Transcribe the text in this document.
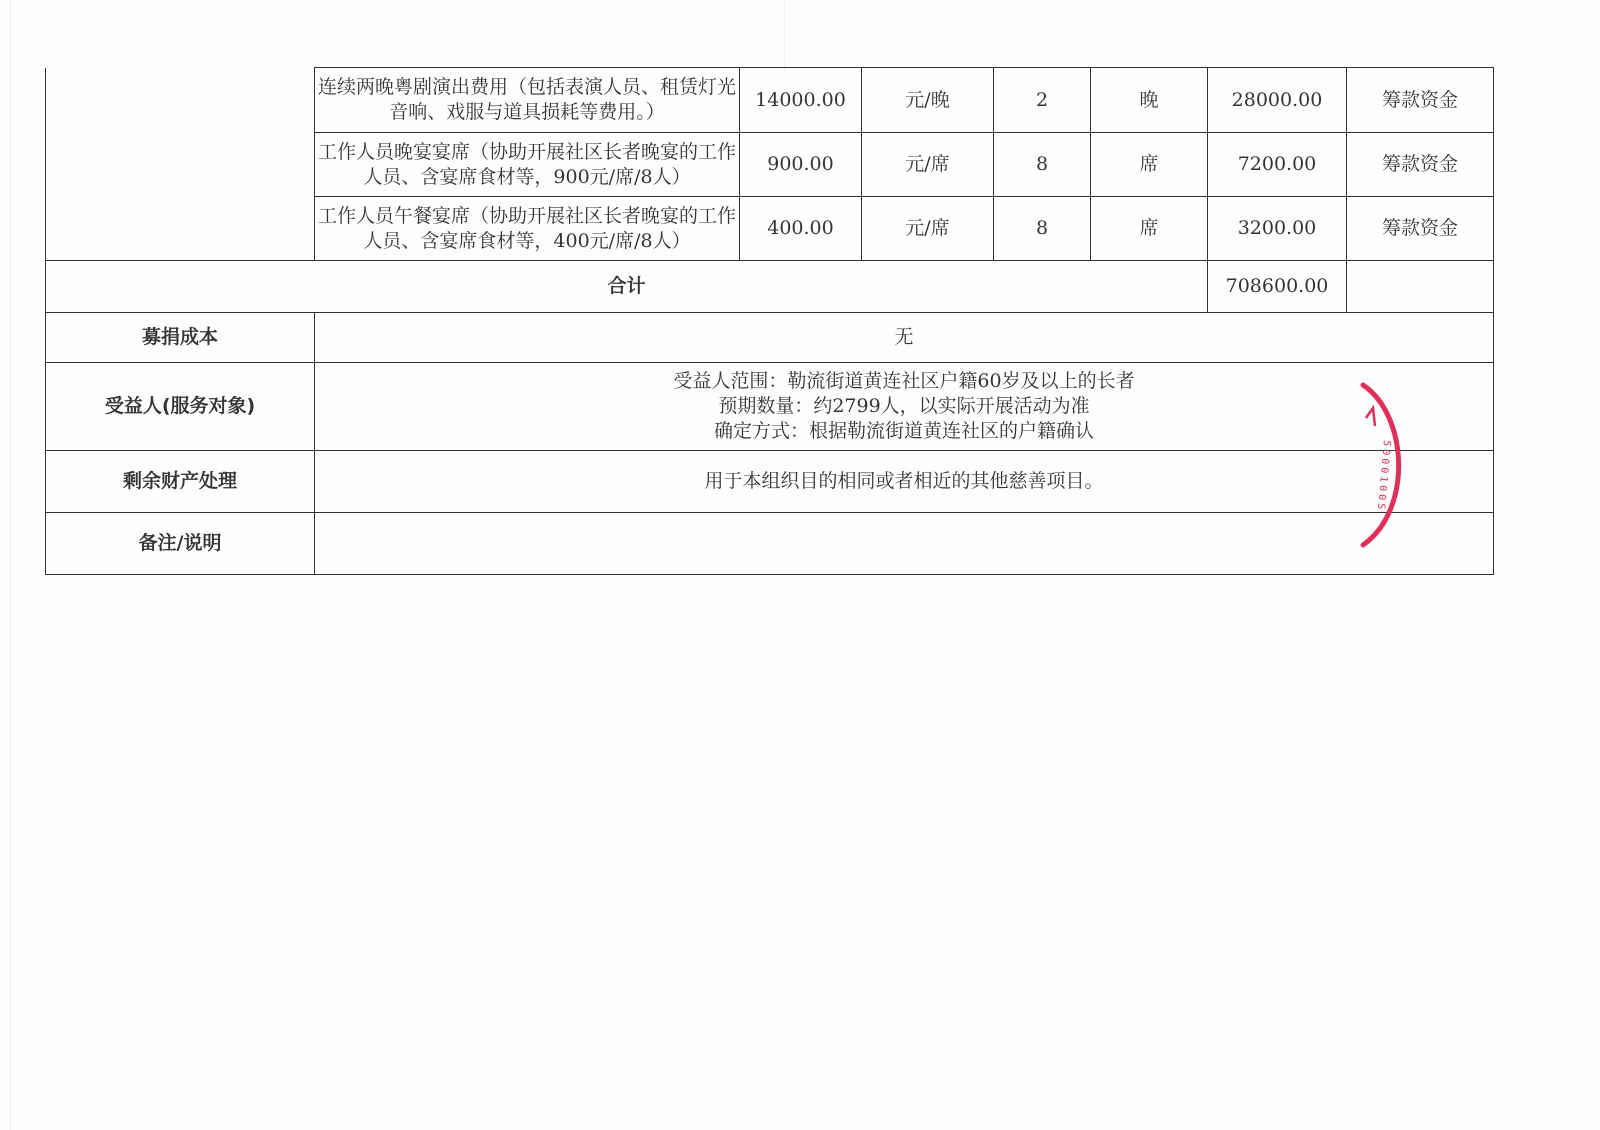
	连续两晚粤剧演出费用（包括表演人员、租赁灯光音响、戏服与道具损耗等费用。）	14000.00	元/晚	2	晚	28000.00	筹款资金
	工作人员晚宴宴席（协助开展社区长者晚宴的工作人员、含宴席食材等，900元/席/8人）	900.00	元/席	8	席	7200.00	筹款资金
	工作人员午餐宴席（协助开展社区长者晚宴的工作人员、含宴席食材等，400元/席/8人）	400.00	元/席	8	席	3200.00	筹款资金
合计						708600.00	
募捐成本	无						
受益人(服务对象)	受益人范围：勒流街道黄连社区户籍60岁及以上的长者
预期数量：约2799人，以实际开展活动为准
确定方式：根据勒流街道黄连社区的户籍确认						

剩余财产处理	用于本组织目的相同或者相近的其他慈善项目。						
备注/说明							
5000100S
